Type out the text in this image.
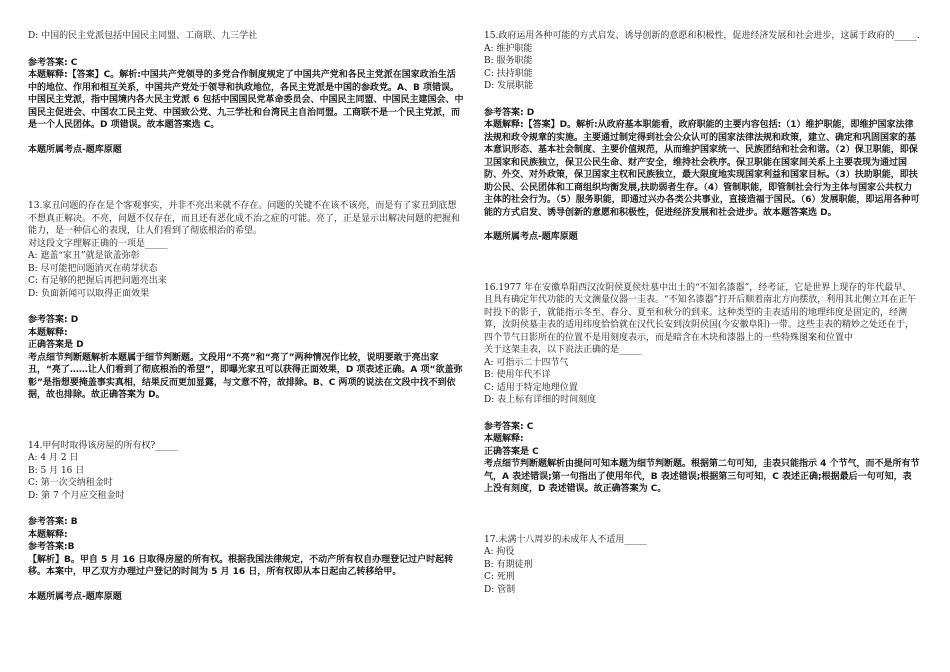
D: 中国的民主党派包括中国民主同盟、工商联、九三学社

参考答案: C

本题解释:【答案】C。解析:中国共产党领导的多党合作制度规定了中国共产党和各民主党派在国家政治生活中的地位、作用和相互关系，中国共产党处于领导和执政地位，各民主党派是中国的参政党。A、B 项错误。中国民主党派，指中国境内各大民主党派 6 包括中国国民党革命委员会、中国民主同盟、中国民主建国会、中国民主促进会、中国农工民主党、中国致公党、九三学社和台湾民主自治同盟。工商联不是一个民主党派，而是一个人民团体。D 项错误。故本题答案选 C。

本题所属考点-题库原题

13.家丑问题的存在是个客观事实，并非不亮出来就不存在。问题的关键不在该不该亮，而是有了家丑到底想不想真正解决。不亮，问题不仅存在，而且还有恶化成不治之症的可能。亮了，正是显示出解决问题的把握和能力，是一种信心的表现，让人们看到了彻底根治的希望。

对这段文字理解正确的一项是_____

A: 遮盖“家丑”就是欲盖弥彰

B: 尽可能把问题消灭在萌芽状态

C: 有足够的把握后再把问题亮出来

D: 负面新闻可以取得正面效果

参考答案: D

本题解释:

正确答案是 D

考点细节判断题解析本题属于细节判断题。文段用“不亮”和“亮了”两种情况作比较，说明要敢于亮出家丑，“亮了……让人们看到了彻底根治的希望”，即曝光家丑可以获得正面效果，D 项表述正确。A 项“欲盖弥彰”是指想要掩盖事实真相，结果反而更加显露，与文意不符，故排除。B、C 两项的说法在文段中找不到依据，故也排除。故正确答案为 D。

14.甲何时取得该房屋的所有权?_____

A: 4 月 2 日

B: 5 月 16 日

C: 第一次交纳租金时

D: 第 7 个月应交租金时

参考答案: B

本题解释:

参考答案:B

【解析】B。甲自 5 月 16 日取得房屋的所有权。根据我国法律规定，不动产所有权自办理登记过户时起转移。本案中，甲乙双方办理过户登记的时间为 5 月 16 日，所有权即从本日起由乙转移给甲。

本题所属考点-题库原题

15.政府运用各种可能的方式启发、诱导创新的意愿和积极性，促进经济发展和社会进步，这属于政府的_____.

A: 维护职能

B: 服务职能

C: 扶持职能

D: 发展职能

参考答案: D

本题解释:【答案】D。解析:从政府基本职能看，政府职能的主要内容包括:（1）维护职能，即维护国家法律法规和政令规章的实施。主要通过制定得到社会公众认可的国家法律法规和政策，建立、确定和巩固国家的基本意识形态、基本社会制度、主要价值规范，从而维护国家统一、民族团结和社会和谐。（2）保卫职能，即保卫国家和民族独立，保卫公民生命、财产安全，维持社会秩序。保卫职能在国家间关系上主要表现为通过国防、外交、对外政策，保卫国家主权和民族独立，最大限度地实现国家利益和国家目标。（3）扶助职能，即扶助公民、公民团体和工商组织均衡发展,扶助弱者生存。（4）管制职能，即管制社会行为主体与国家公共权力主体的社会行为。（5）服务职能，即通过兴办各类公共事业，直接造福于国民。（6）发展职能，即运用各种可能的方式启发、诱导创新的意愿和积极性，促进经济发展和社会进步。故本题答案选 D。

本题所属考点-题库原题

16.1977 年在安徽阜阳西汉汝阴侯夏侯灶墓中出土的“不知名漆器”，经考证，它是世界上现存的年代最早、且具有确定年代功能的天文测量仪器一圭表。“不知名漆器”打开后顺着南北方向摆放，利用其北侧立耳在正午时投下的影子，就能指示冬至、春分、夏至和秋分的到来。这种类型的圭表适用的地理纬度是固定的，经测算，汝阴侯墓圭表的适用纬度恰恰就在汉代长安到汝阴侯国(今安徽阜阳)一带。这些圭表的精妙之处还在于，四个节气日影所在的位置不是用刻度表示，而是暗含在木块和漆器上的一些特殊图案和位置中

关于这架圭表，以下说法正确的是_____

A: 可指示二十四节气

B: 使用年代不详

C: 适用于特定地理位置

D: 表上标有详细的时间刻度

参考答案: C

本题解释:

正确答案是 C

考点细节判断题解析由提问可知本题为细节判断题。根据第二句可知，圭表只能指示 4 个节气，而不是所有节气，A 表述错误;第一句指出了使用年代，B 表述错误;根据第三句可知，C 表述正确;根据最后一句可知，表上没有刻度，D 表述错误。故正确答案为 C。

17.未满十八周岁的未成年人不适用_____

A: 拘役

B: 有期徒刑

C: 死刑

D: 管制
